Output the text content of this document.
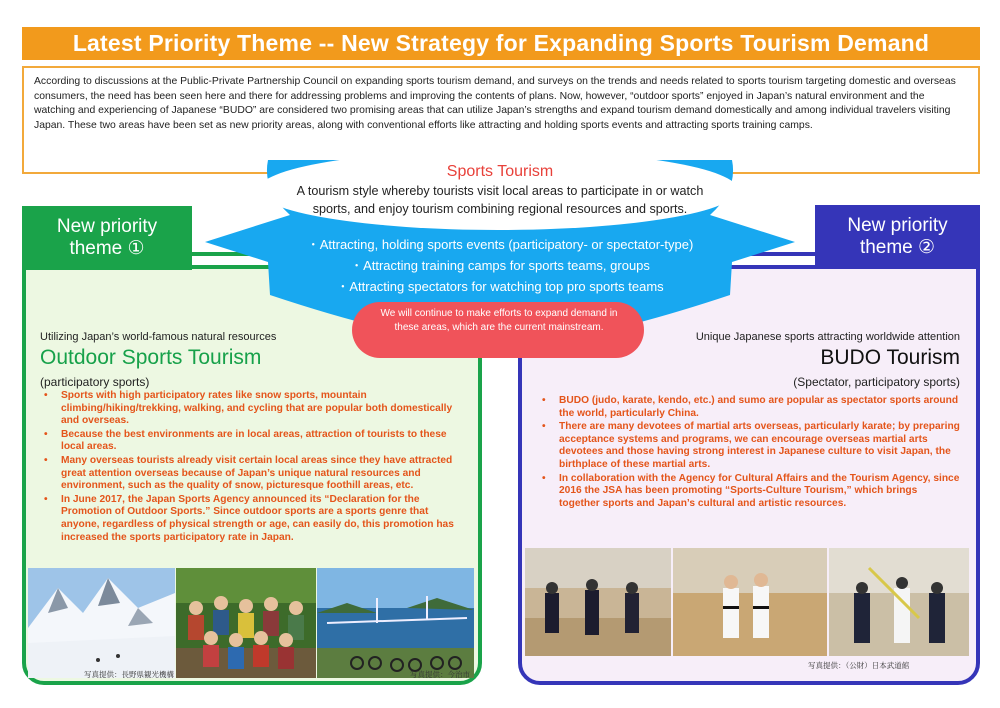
Latest Priority Theme -- New Strategy for Expanding Sports Tourism Demand
According to discussions at the Public-Private Partnership Council on expanding sports tourism demand, and surveys on the trends and needs related to sports tourism targeting domestic and overseas consumers, the need has been seen here and there for addressing problems and improving the contents of plans. Now, however, “outdoor sports” enjoyed in Japan’s natural environment and the watching and experiencing of Japanese “BUDO” are considered two promising areas that can utilize Japan’s strengths and expand tourism demand domestically and among individual travelers visiting Japan. These two areas have been set as new priority areas, along with conventional efforts like attracting and holding sports events and attracting sports training camps.
New priority
theme ①
New priority
theme ②
Sports Tourism
A tourism style whereby tourists visit local areas to participate in or watch sports, and enjoy tourism combining regional resources and sports.
・Attracting, holding sports events (participatory- or spectator-type)
・Attracting training camps for sports teams, groups
・Attracting spectators for watching top pro sports teams
We will continue to make efforts to expand demand in these areas, which are the current mainstream.
Utilizing Japan’s world-famous natural resources
Outdoor Sports Tourism
(participatory sports)
• Sports with high participatory rates like snow sports, mountain climbing/hiking/trekking, walking, and cycling that are popular both domestically and overseas.
• Because the best environments are in local areas, attraction of tourists to these local areas.
• Many overseas tourists already visit certain local areas since they have attracted great attention overseas because of Japan’s unique natural resources and environment, such as the quality of snow, picturesque foothill areas, etc.
• In June 2017, the Japan Sports Agency announced its “Declaration for the Promotion of Outdoor Sports.” Since outdoor sports are a sports genre that anyone, regardless of physical strength or age, can easily do, this promotion has increased the sports participatory rate in Japan.
Unique Japanese sports attracting worldwide attention
BUDO Tourism
(Spectator, participatory sports)
• BUDO (judo, karate, kendo, etc.) and sumo are popular as spectator sports around the world, particularly China.
• There are many devotees of martial arts overseas, particularly karate; by preparing acceptance systems and programs, we can encourage overseas martial arts devotees and those having strong interest in Japanese culture to visit Japan, the birthplace of these martial arts.
• In collaboration with the Agency for Cultural Affairs and the Tourism Agency, since 2016 the JSA has been promoting “Sports-Culture Tourism,” which brings together sports and Japan’s cultural and artistic resources.
写真提供：長野県観光機構	写真提供：今治市
写真提供：（公財）日本武道館
